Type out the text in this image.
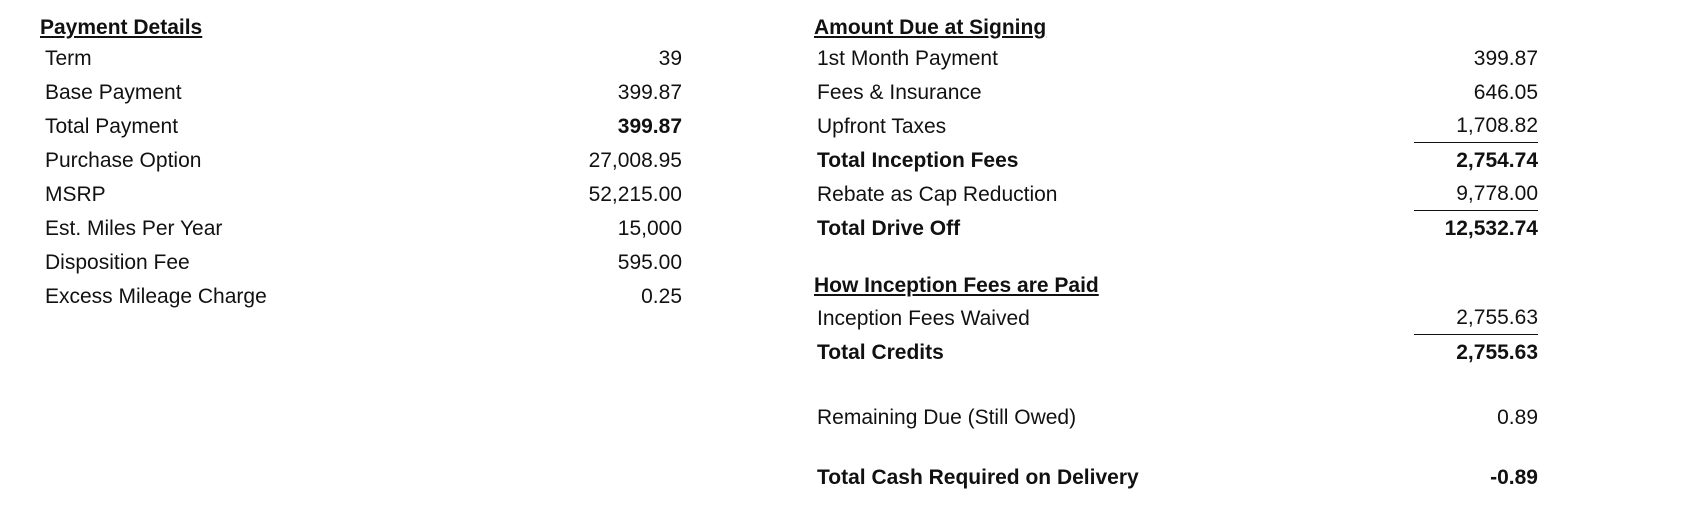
Payment Details
Term	39
Base Payment	399.87
Total Payment	399.87
Purchase Option	27,008.95
MSRP	52,215.00
Est. Miles Per Year	15,000
Disposition Fee	595.00
Excess Mileage Charge	0.25
Amount Due at Signing
1st Month Payment	399.87
Fees & Insurance	646.05
Upfront Taxes	1,708.82
Total Inception Fees	2,754.74
Rebate as Cap Reduction	9,778.00
Total Drive Off	12,532.74
How Inception Fees are Paid
Inception Fees Waived	2,755.63
Total Credits	2,755.63
Remaining Due (Still Owed)	0.89
Total Cash Required on Delivery	-0.89
